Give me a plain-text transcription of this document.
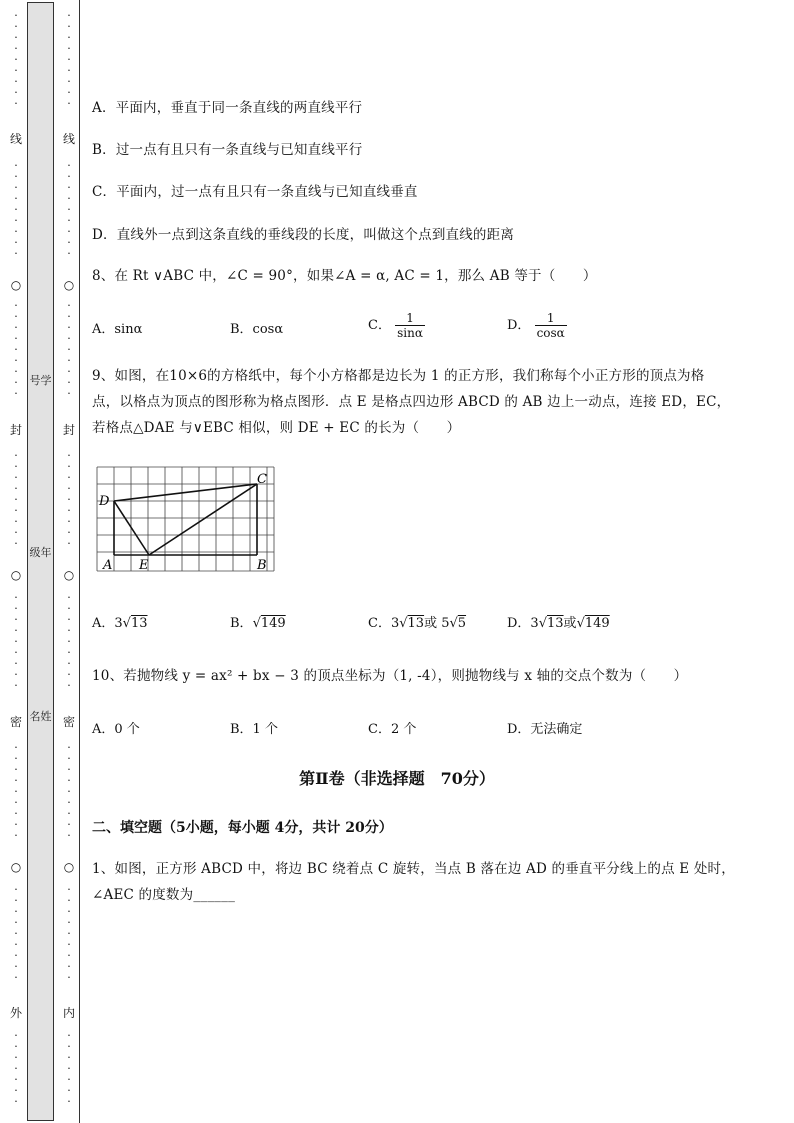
·
·
·
·
·
·
·
·
·
线
·
·
·
·
·
·
·
·
·
○
·
·
·
·
·
·
·
·
·
封
·
·
·
·
·
·
·
·
·
○
·
·
·
·
·
·
·
·
·
密
·
·
·
·
·
·
·
·
·
○
·
·
·
·
·
·
·
·
·
外
·
·
·
·
·
·
·
号学
级年
名姓
·
·
·
·
·
·
·
·
·
线
·
·
·
·
·
·
·
·
·
○
·
·
·
·
·
·
·
·
·
封
·
·
·
·
·
·
·
·
·
○
·
·
·
·
·
·
·
·
·
密
·
·
·
·
·
·
·
·
·
○
·
·
·
·
·
·
·
·
·
内
·
·
·
·
·
·
·
A．平面内，垂直于同一条直线的两直线平行
B．过一点有且只有一条直线与已知直线平行
C．平面内，过一点有且只有一条直线与已知直线垂直
D．直线外一点到这条直线的垂线段的长度，叫做这个点到直线的距离
8、在 Rt ∨ABC 中，∠C = 90°，如果∠A = α, AC = 1，那么 AB 等于（　　）
A．sinα	B．cosα	C． $\frac{1}{\sin\alpha}$	D． $\frac{1}{\cos\alpha}$
9、如图，在10×6的方格纸中，每个小方格都是边长为 1 的正方形，我们称每个小正方形的顶点为格
点，以格点为顶点的图形称为格点图形．点 E 是格点四边形 ABCD 的 AB 边上一动点，连接 ED，EC，
若格点△DAE 与∨EBC 相似，则 DE + EC 的长为（　　）
D
C
A E	B
A．3√13	B．√149	C．3√13或 5√5	D．3√13或√149
10、若抛物线 y = ax² + bx − 3 的顶点坐标为（1, -4），则抛物线与 x 轴的交点个数为（　　）
A．0 个	B．1 个	C．2 个	D．无法确定
第Ⅱ卷（非选择题　70分）
二、填空题（5小题，每小题 4分，共计 20分）
1、如图，正方形 ABCD 中，将边 BC 绕着点 C 旋转，当点 B 落在边 AD 的垂直平分线上的点 E 处时，
∠AEC 的度数为______
